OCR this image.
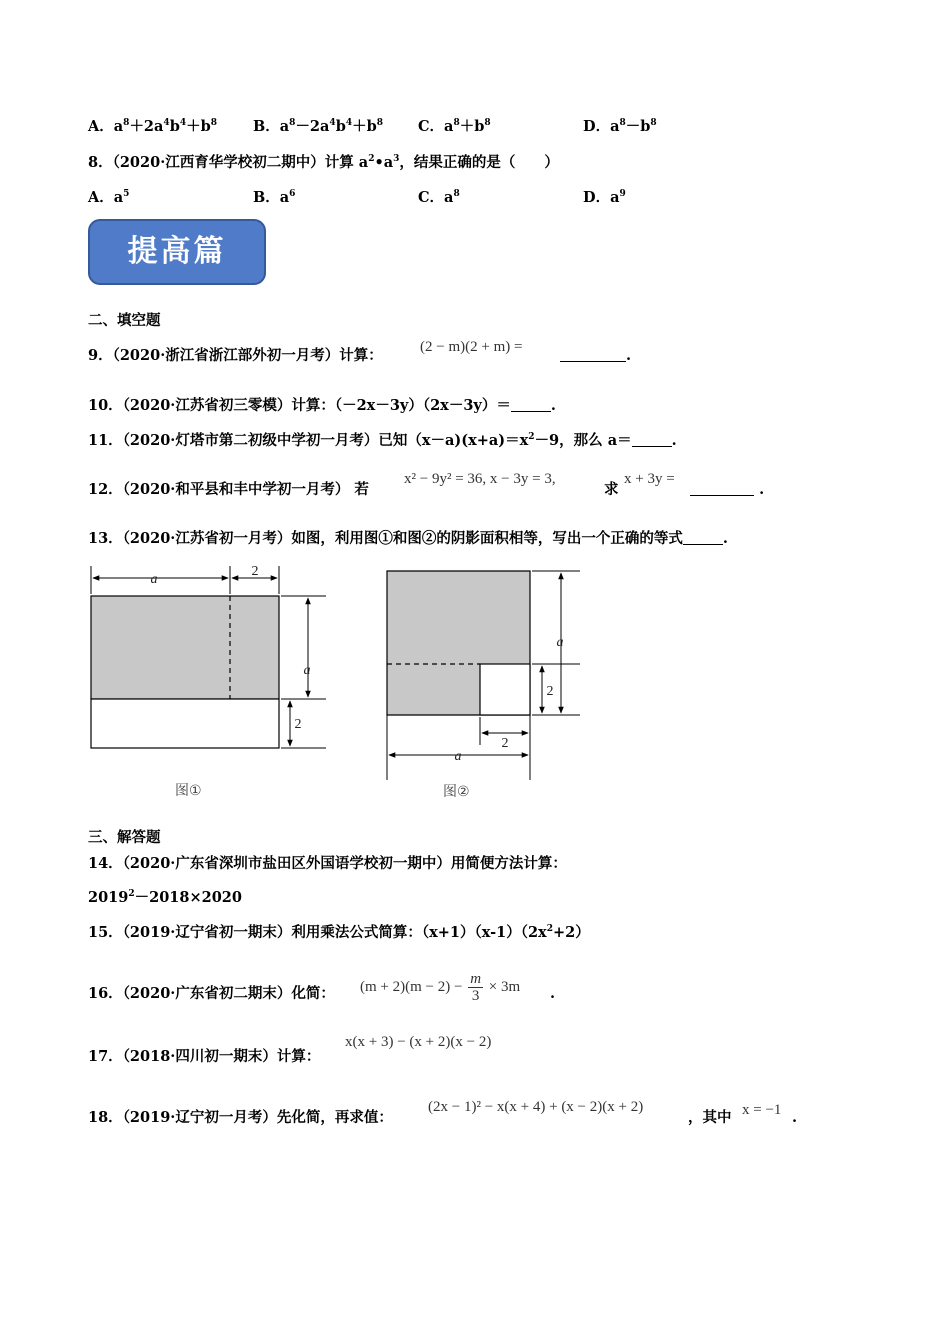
A．$a^8+2a^4b^4+b^8$ B．$a^8-2a^4b^4+b^8$ C．$a^8+b^8$	D．$a^8-b^8$
8．（2020·江西育华学校初二期中）计算 $a^2•a^3$，结果正确的是（　　）
A．$a^5$	B．$a^6$	C．$a^8$	D．$a^9$
提高篇
二、填空题
9．（2020·浙江省浙江部外初一月考）计算： (2 − m)(2 + m) =	.
10．（2020·江苏省初三零模）计算：（－2x－3y）（2x－3y）＝	.
11．（2020·灯塔市第二初级中学初一月考）已知$(x-a)(x+a)=x^2-9$，那么 a＝	.
12．（2020·和平县和丰中学初一月考） 若
x² − 9y² = 36, x − 3y = 3,
求
x + 3y =
.
13．（2020·江苏省初一月考）如图，利用图①和图②的阴影面积相等，写出一个正确的等式	.
a
2
a
2
a
2
2
a
图①	图②
三、解答题
14．（2020·广东省深圳市盐田区外国语学校初一期中）用简便方法计算：
$2019^2-2018\times 2020$
15．（2019·辽宁省初一期末）利用乘法公式简算：$(x+1)(x-1)(2x^2+2)$
16．（2020·广东省初二期末）化简： $(m + 2)(m - 2) - \frac{m}{3} \times 3m$ .
17．（2018·四川初一期末）计算：
x(x + 3) − (x + 2)(x − 2)
18．（2019·辽宁初一月考）先化简，再求值：
(2x − 1)² − x(x + 4) + (x − 2)(x + 2)
，其中 x = −1 .
